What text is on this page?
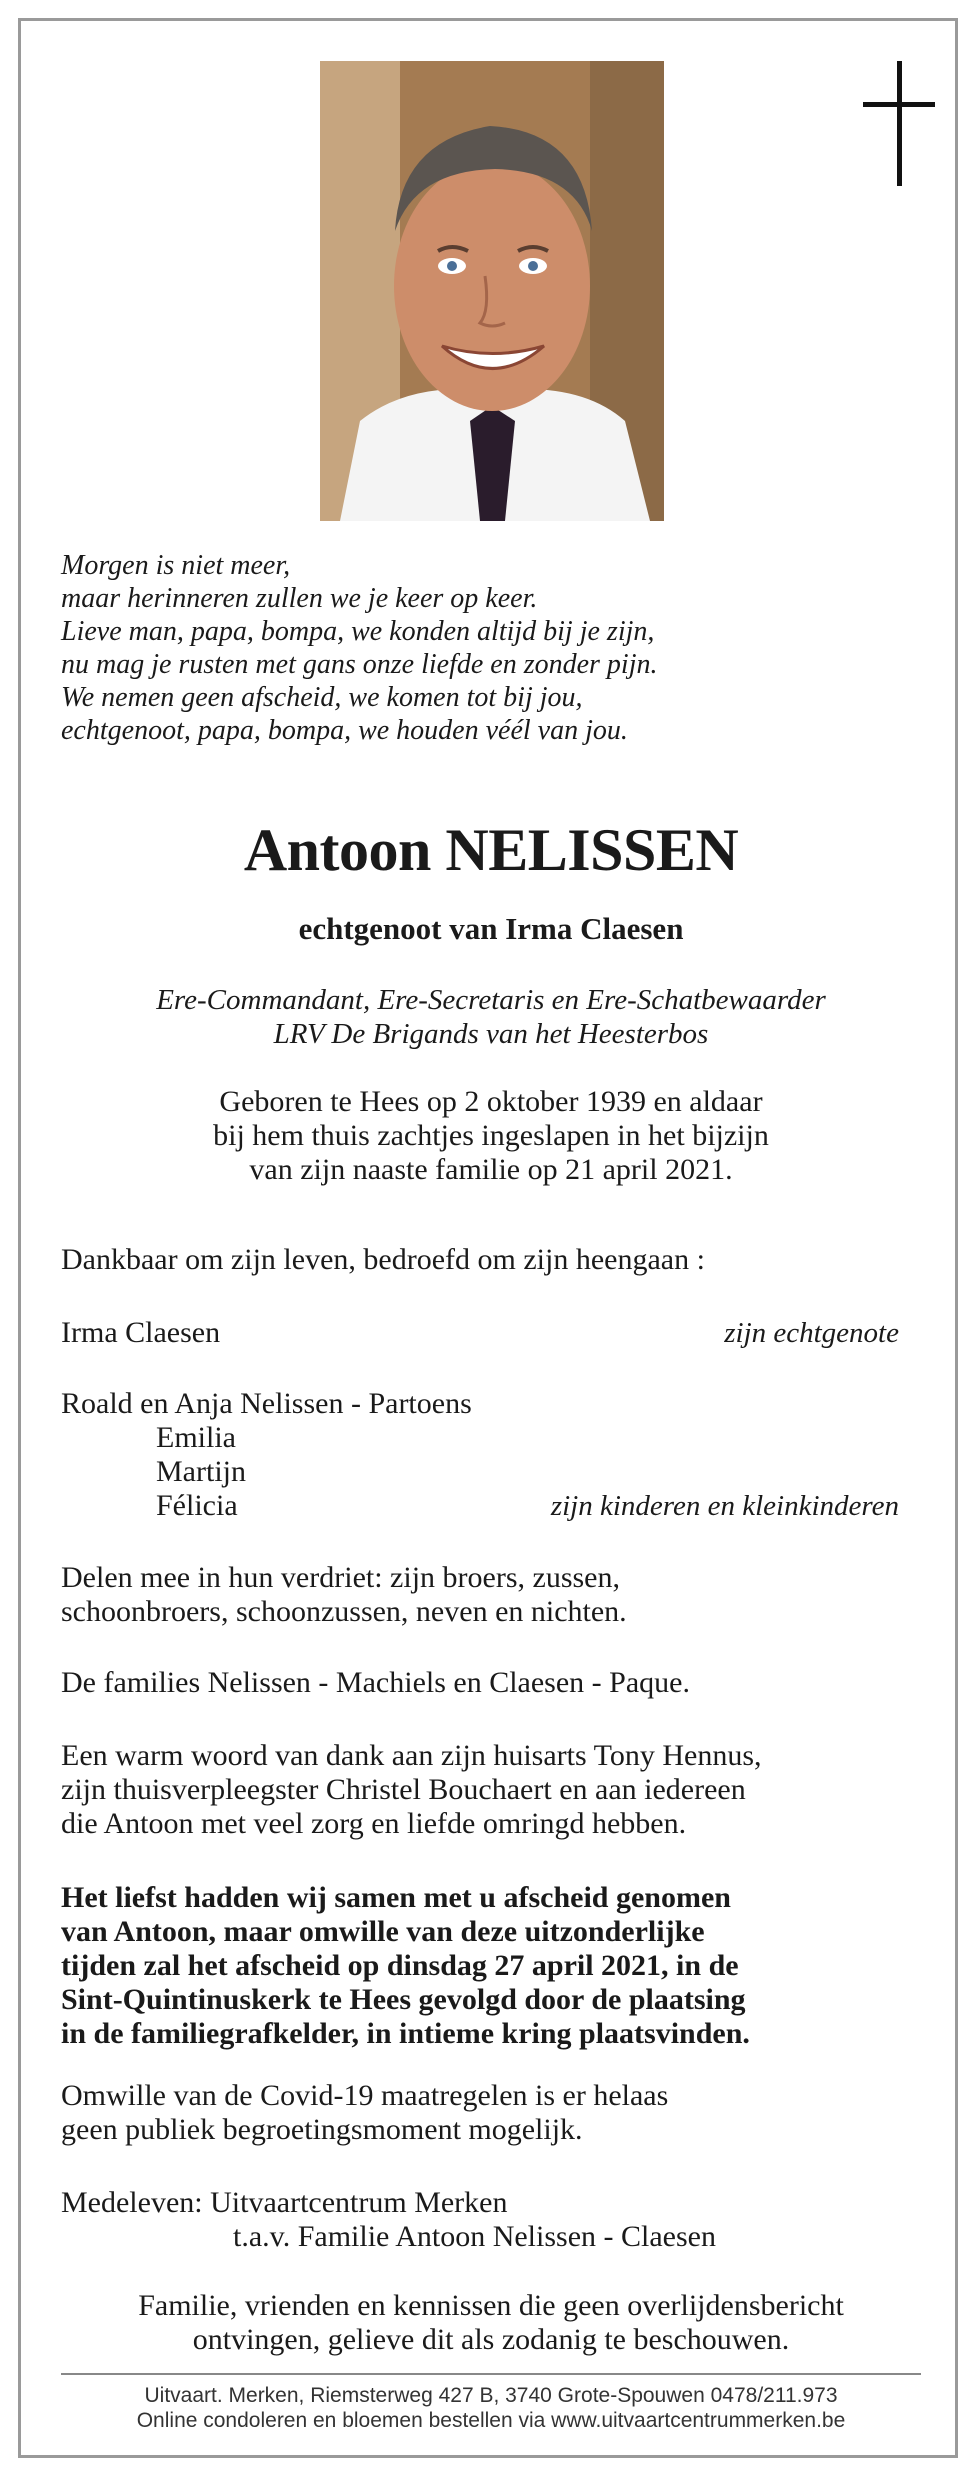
Morgen is niet meer,
maar herinneren zullen we je keer op keer.
Lieve man, papa, bompa, we konden altijd bij je zijn,
nu mag je rusten met gans onze liefde en zonder pijn.
We nemen geen afscheid, we komen tot bij jou,
echtgenoot, papa, bompa, we houden véél van jou.
Antoon NELISSEN
echtgenoot van Irma Claesen
Ere-Commandant, Ere-Secretaris en Ere-Schatbewaarder
LRV De Brigands van het Heesterbos
Geboren te Hees op 2 oktober 1939 en aldaar
bij hem thuis zachtjes ingeslapen in het bijzijn
van zijn naaste familie op 21 april 2021.
Dankbaar om zijn leven, bedroefd om zijn heengaan :
Irma Claesen	zijn echtgenote
Roald en Anja Nelissen - Partoens
Emilia
Martijn
Félicia	zijn kinderen en kleinkinderen
Delen mee in hun verdriet: zijn broers, zussen,
schoonbroers, schoonzussen, neven en nichten.
De families Nelissen - Machiels en Claesen - Paque.
Een warm woord van dank aan zijn huisarts Tony Hennus,
zijn thuisverpleegster Christel Bouchaert en aan iedereen
die Antoon met veel zorg en liefde omringd hebben.
Het liefst hadden wij samen met u afscheid genomen
van Antoon, maar omwille van deze uitzonderlijke
tijden zal het afscheid op dinsdag 27 april 2021, in de
Sint-Quintinuskerk te Hees gevolgd door de plaatsing
in de familiegrafkelder, in intieme kring plaatsvinden.
Omwille van de Covid-19 maatregelen is er helaas
geen publiek begroetingsmoment mogelijk.
Medeleven: Uitvaartcentrum Merken
t.a.v. Familie Antoon Nelissen - Claesen
Familie, vrienden en kennissen die geen overlijdensbericht
ontvingen, gelieve dit als zodanig te beschouwen.
Uitvaart. Merken, Riemsterweg 427 B, 3740 Grote-Spouwen 0478/211.973
Online condoleren en bloemen bestellen via www.uitvaartcentrummerken.be
